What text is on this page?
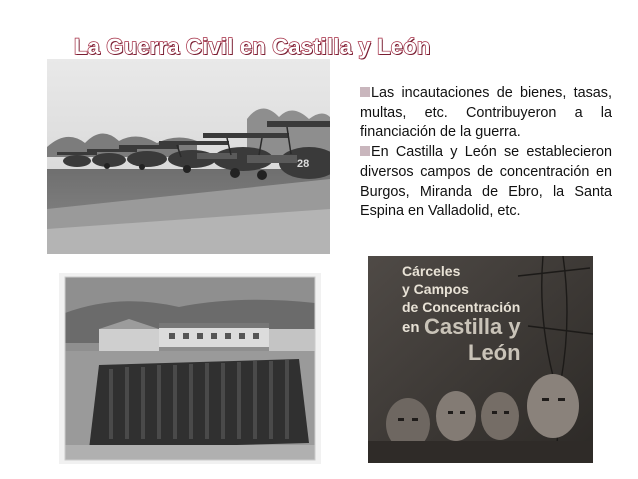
La Guerra Civil en Castilla y León
28
Cárceles
y Campos
de Concentración
en Castilla y
León

Las incautaciones de bienes, tasas, multas, etc. Contribuyeron a la financiación de la guerra.

En Castilla y León se establecieron diversos campos de concentración en Burgos, Miranda de Ebro, la Santa Espina en Valladolid, etc.
